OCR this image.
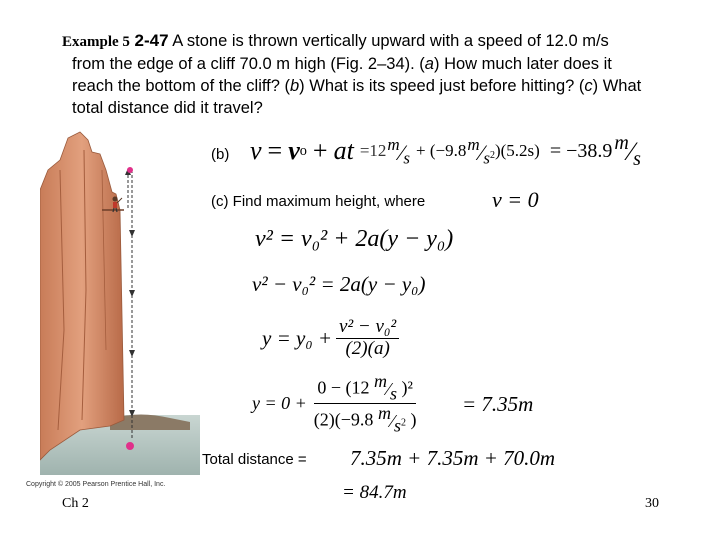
Example 5 2-47 A stone is thrown vertically upward with a speed of 12.0 m/s
from the edge of a cliff 70.0 m high (Fig. 2–34). (a) How much later does it
reach the bottom of the cliff? (b) What is its speed just before hitting? (c) What
total distance did it travel?
Copyright © 2005 Pearson Prentice Hall, Inc.
(b) v = v o + at =12 m⁄s + (−9.8 m⁄s2 )(5.2s) = −38.9 m⁄s
(c) Find maximum height, where	v = 0
v² = v₀² + 2a(y − y₀)
v² − v₀² = 2a(y − y₀)
$y = y_0 + \frac{\text{v² − v₀²}}{(2)(a)}$
$y = 0 + \frac{\text{0 − (12 m⁄s )²}}{(2)(-9.8 m⁄s2 )} = 7.35m$
Total distance = 7.35m + 7.35m + 70.0m
= 84.7m
Ch 2	30
